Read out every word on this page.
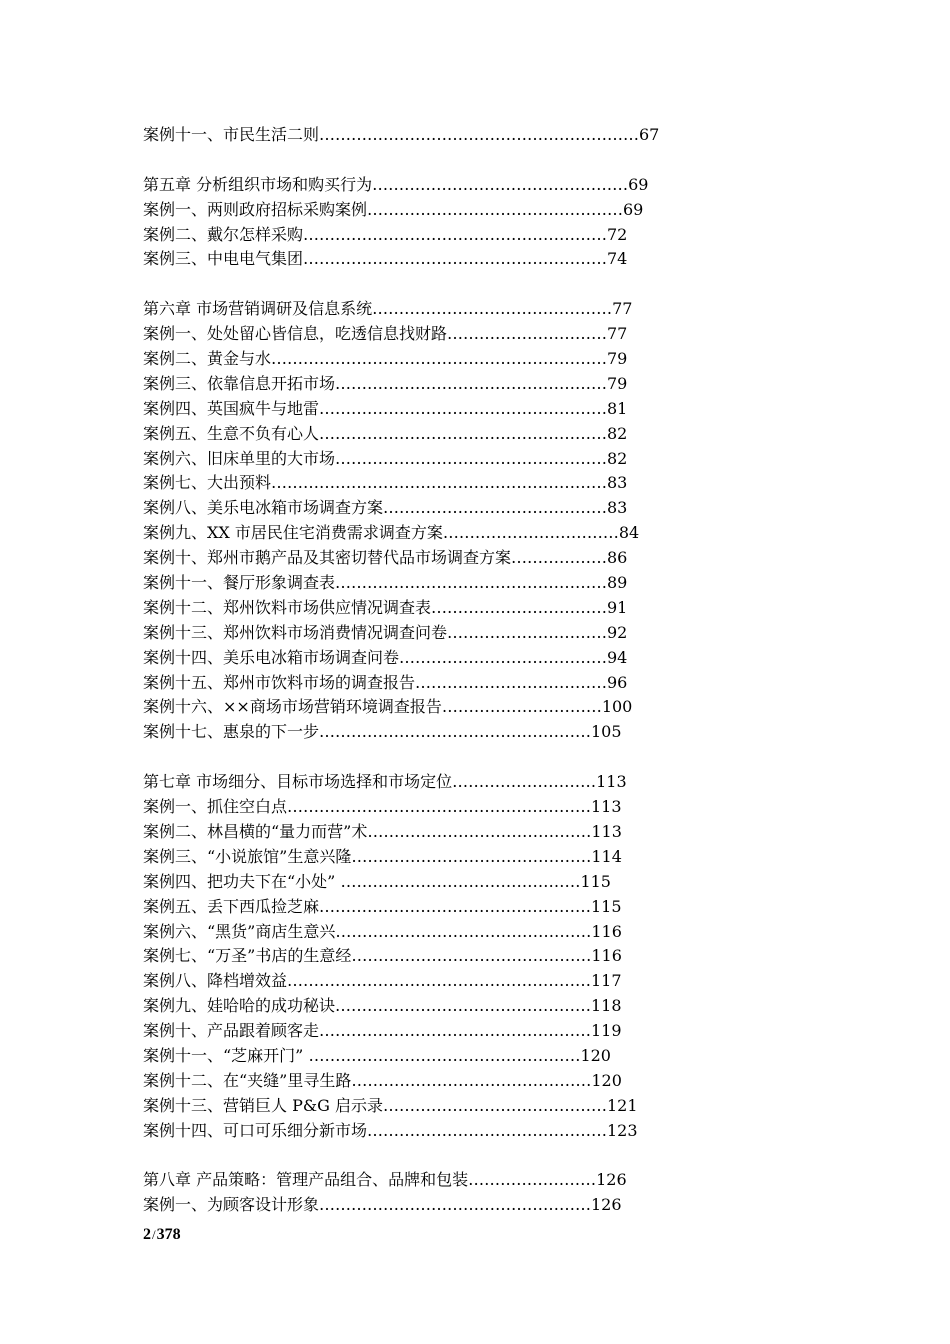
案例十一、市民生活二则……………………………………………………67
第五章 分析组织市场和购买行为…………………………………………69
案例一、两则政府招标采购案例…………………………………………69
案例二、戴尔怎样采购…………………………………………………72
案例三、中电电气集团…………………………………………………74
第六章 市场营销调研及信息系统………………………………………77
案例一、处处留心皆信息，吃透信息找财路…………………………77
案例二、黄金与水………………………………………………………79
案例三、依靠信息开拓市场……………………………………………79
案例四、英国疯牛与地雷………………………………………………81
案例五、生意不负有心人………………………………………………82
案例六、旧床单里的大市场……………………………………………82
案例七、大出预料………………………………………………………83
案例八、美乐电冰箱市场调查方案……………………………………83
案例九、XX 市居民住宅消费需求调查方案……………………………84
案例十、郑州市鹅产品及其密切替代品市场调查方案………………86
案例十一、餐厅形象调查表……………………………………………89
案例十二、郑州饮料市场供应情况调查表……………………………91
案例十三、郑州饮料市场消费情况调查问卷…………………………92
案例十四、美乐电冰箱市场调查问卷…………………………………94
案例十五、郑州市饮料市场的调查报告………………………………96
案例十六、××商场市场营销环境调查报告…………………………100
案例十七、惠泉的下一步……………………………………………105
第七章 市场细分、目标市场选择和市场定位………………………113
案例一、抓住空白点…………………………………………………113
案例二、林昌横的“量力而营”术……………………………………113
案例三、“小说旅馆”生意兴隆………………………………………114
案例四、把功夫下在“小处” ………………………………………115
案例五、丢下西瓜捡芝麻……………………………………………115
案例六、“黑货”商店生意兴…………………………………………116
案例七、“万圣”书店的生意经………………………………………116
案例八、降档增效益…………………………………………………117
案例九、娃哈哈的成功秘诀…………………………………………118
案例十、产品跟着顾客走……………………………………………119
案例十一、“芝麻开门” ……………………………………………120
案例十二、在“夹缝”里寻生路………………………………………120
案例十三、营销巨人 P&G 启示录……………………………………121
案例十四、可口可乐细分新市场………………………………………123
第八章 产品策略：管理产品组合、品牌和包装……………………126
案例一、为顾客设计形象……………………………………………126
2/378
